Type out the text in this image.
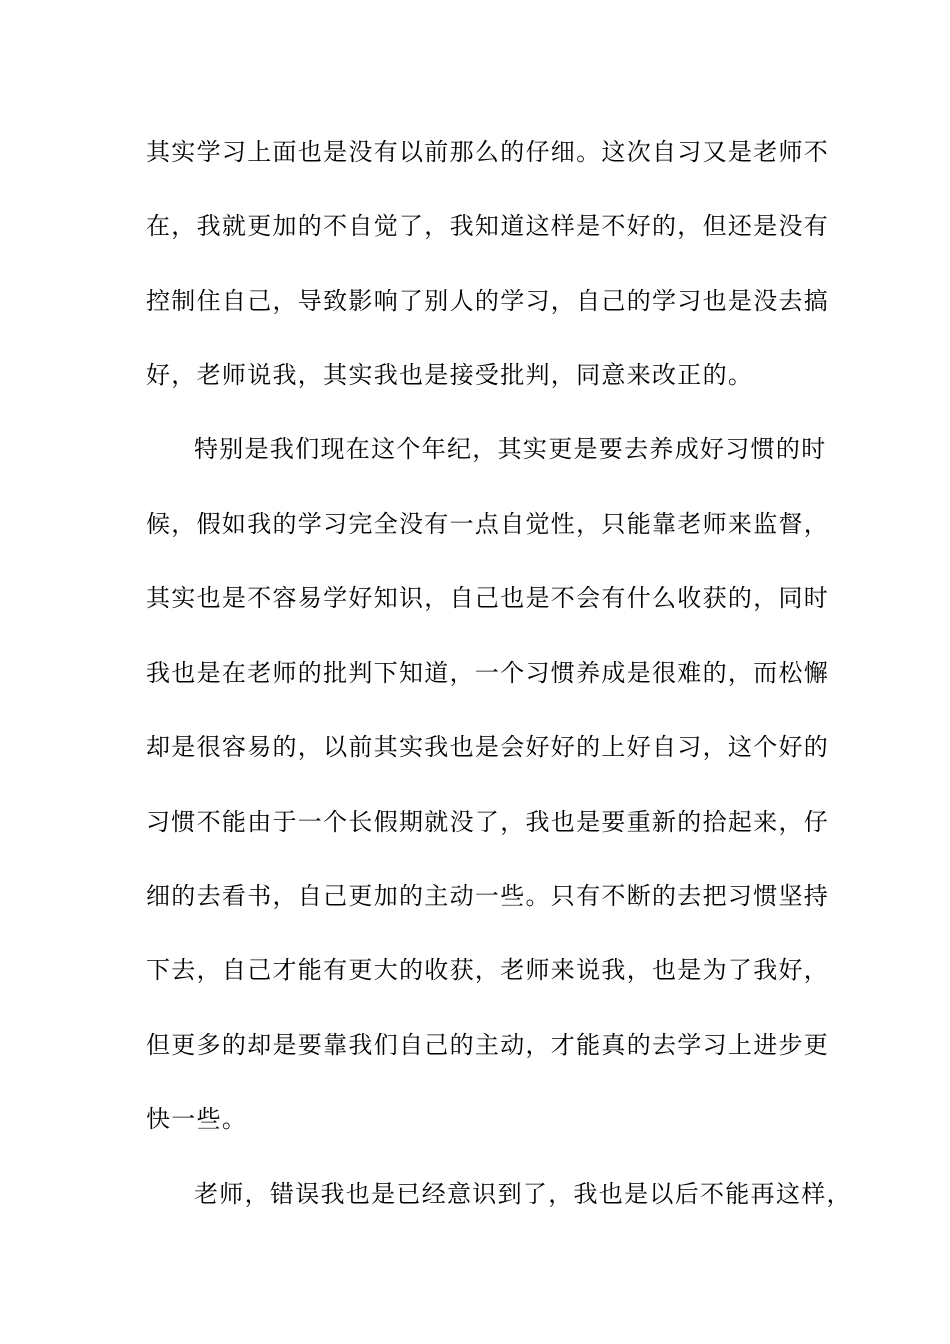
其实学习上面也是没有以前那么的仔细。这次自习又是老师不
在，我就更加的不自觉了，我知道这样是不好的，但还是没有
控制住自己，导致影响了别人的学习，自己的学习也是没去搞
好，老师说我，其实我也是接受批判，同意来改正的。
特别是我们现在这个年纪，其实更是要去养成好习惯的时
候，假如我的学习完全没有一点自觉性，只能靠老师来监督，
其实也是不容易学好知识，自己也是不会有什么收获的，同时
我也是在老师的批判下知道，一个习惯养成是很难的，而松懈
却是很容易的，以前其实我也是会好好的上好自习，这个好的
习惯不能由于一个长假期就没了，我也是要重新的拾起来，仔
细的去看书，自己更加的主动一些。只有不断的去把习惯坚持
下去，自己才能有更大的收获，老师来说我，也是为了我好，
但更多的却是要靠我们自己的主动，才能真的去学习上进步更
快一些。
老师，错误我也是已经意识到了，我也是以后不能再这样，
